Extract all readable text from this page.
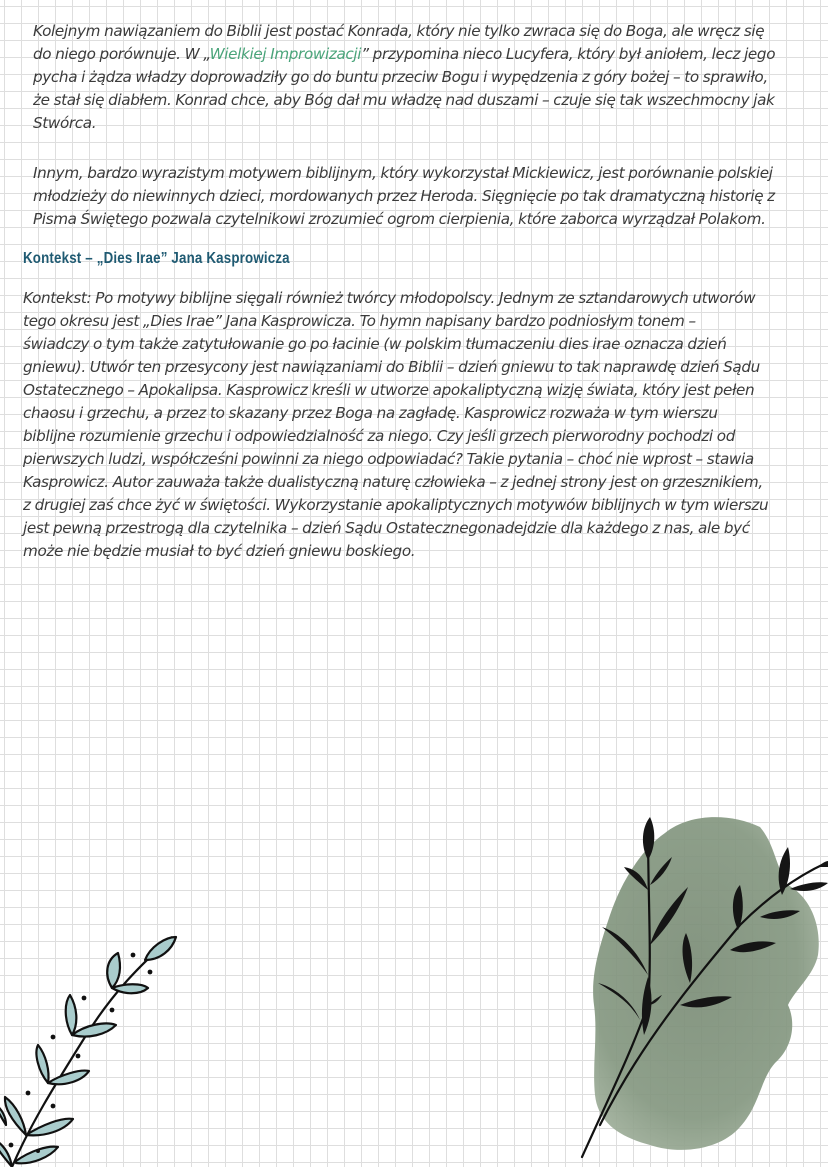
Kolejnym nawiązaniem do Biblii jest postać Konrada, który nie tylko zwraca się do Boga, ale wręcz się
do niego porównuje. W „Wielkiej Improwizacji” przypomina nieco Lucyfera, który był aniołem, lecz jego
pycha i żądza władzy doprowadziły go do buntu przeciw Bogu i wypędzenia z góry bożej – to sprawiło,
że stał się diabłem. Konrad chce, aby Bóg dał mu władzę nad duszami – czuje się tak wszechmocny jak
Stwórca.

Innym, bardzo wyrazistym motywem biblijnym, który wykorzystał Mickiewicz, jest porównanie polskiej
młodzieży do niewinnych dzieci, mordowanych przez Heroda. Sięgnięcie po tak dramatyczną historię z
Pisma Świętego pozwala czytelnikowi zrozumieć ogrom cierpienia, które zaborca wyrządzał Polakom.

Kontekst – „Dies Irae” Jana Kasprowicza

Kontekst: Po motywy biblijne sięgali również twórcy młodopolscy. Jednym ze sztandarowych utworów
tego okresu jest „Dies Irae” Jana Kasprowicza. To hymn napisany bardzo podniosłym tonem –
świadczy o tym także zatytułowanie go po łacinie (w polskim tłumaczeniu dies irae oznacza dzień
gniewu). Utwór ten przesycony jest nawiązaniami do Biblii – dzień gniewu to tak naprawdę dzień Sądu
Ostatecznego – Apokalipsa. Kasprowicz kreśli w utworze apokaliptyczną wizję świata, który jest pełen
chaosu i grzechu, a przez to skazany przez Boga na zagładę. Kasprowicz rozważa w tym wierszu
biblijne rozumienie grzechu i odpowiedzialność za niego. Czy jeśli grzech pierworodny pochodzi od
pierwszych ludzi, współcześni powinni za niego odpowiadać? Takie pytania – choć nie wprost – stawia
Kasprowicz. Autor zauważa także dualistyczną naturę człowieka – z jednej strony jest on grzesznikiem,
z drugiej zaś chce żyć w świętości. Wykorzystanie apokaliptycznych motywów biblijnych w tym wierszu
jest pewną przestrogą dla czytelnika – dzień Sądu Ostatecznegonadejdzie dla każdego z nas, ale być
może nie będzie musiał to być dzień gniewu boskiego.
